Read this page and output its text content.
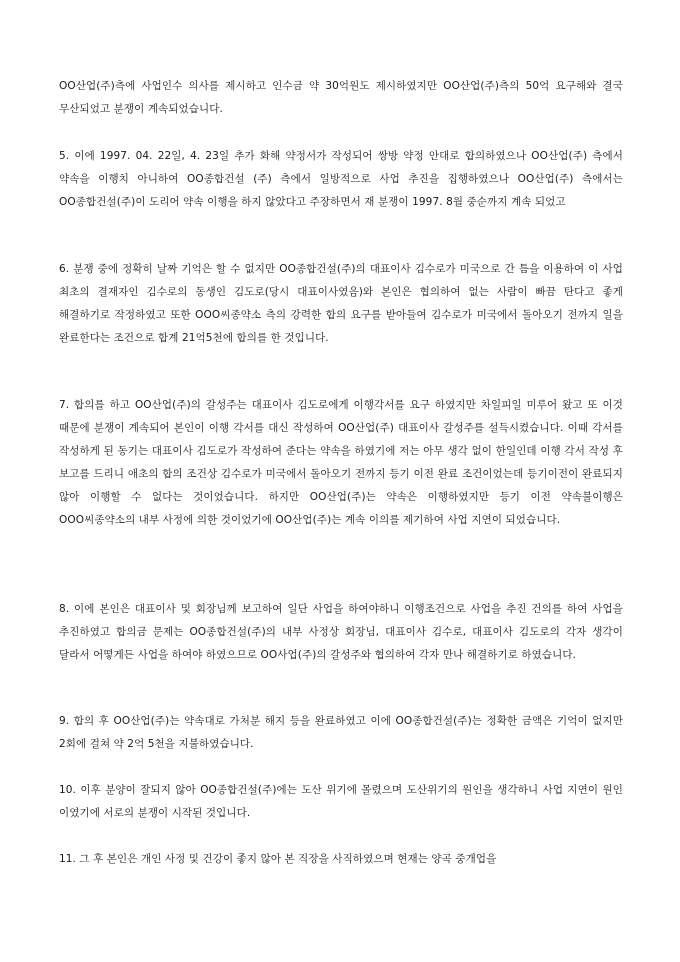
OO산업(주)측에 사업인수 의사를 제시하고 인수금 약 30억원도 제시하였지만 OO산업(주)측의 50억 요구해와 결국 무산되었고 분쟁이 계속되었습니다.

5. 이에 1997. 04. 22일, 4. 23일 추가 화해 약정서가 작성되어 쌍방 약정 안대로 합의하였으나 OO산업(주) 측에서 약속을 이행치 아니하여 OO종합건설 (주) 측에서 일방적으로 사업 추진을 집행하였으나 OO산업(주) 측에서는 OO종합건설(주)이 도리어 약속 이행을 하지 않았다고 주장하면서 재 분쟁이 1997. 8월 중순까지 계속 되었고

6. 분쟁 중에 정확히 날짜 기억은 할 수 없지만 OO종합건설(주)의 대표이사 김수로가 미국으로 간 틈을 이용하여 이 사업 최초의 결재자인 김수로의 동생인 김도로(당시 대표이사였음)와 본인은 협의하여 없는 사람이 빠끔 탄다고 좋게 해결하기로 작정하였고 또한 OOO씨종약소 측의 강력한 합의 요구를 받아들여 김수로가 미국에서 돌아오기 전까지 일을 완료한다는 조건으로 합계 21억5천에 합의를 한 것입니다.

7. 합의를 하고 OO산업(주)의 갈성주는 대표이사 김도로에게 이행각서를 요구 하였지만 차일피일 미루어 왔고 또 이것 때문에 분쟁이 계속되어 본인이 이행 각서를 대신 작성하여 OO산업(주) 대표이사 갈성주를 설득시켰습니다. 이때 각서를 작성하게 된 동기는 대표이사 김도로가 작성하여 준다는 약속을 하였기에 저는 아무 생각 없이 한일인데 이행 각서 작성 후 보고를 드리니 애초의 합의 조건상 김수로가 미국에서 돌아오기 전까지 등기 이전 완료 조건이었는데 등기이전이 완료되지 않아 이행할 수 없다는 것이었습니다. 하지만 OO산업(주)는 약속은 이행하였지만 등기 이전 약속불이행은 OOO씨종약소의 내부 사정에 의한 것이었기에 OO산업(주)는 계속 이의를 제기하여 사업 지연이 되었습니다.

8. 이에 본인은 대표이사 및 회장님께 보고하여 일단 사업을 하여야하니 이행조건으로 사업을 추진 건의를 하여 사업을 추진하였고 합의금 문제는 OO종합건설(주)의 내부 사정상 회장님, 대표이사 김수로, 대표이사 김도로의 각자 생각이 달라서 어떻게든 사업을 하여야 하였으므로 OO사업(주)의 갈성주와 협의하여 각자 만나 해결하기로 하였습니다.

9. 합의 후 OO산업(주)는 약속대로 가처분 해지 등을 완료하였고 이에 OO종합건설(주)는 정확한 금액은 기억이 없지만 2회에 걸쳐 약 2억 5천을 지불하였습니다.

10. 이후 분양이 잘되지 않아 OO종합건설(주)에는 도산 위기에 몰렸으며 도산위기의 원인을 생각하니 사업 지연이 원인 이였기에 서로의 분쟁이 시작된 것입니다.

11. 그 후 본인은 개인 사정 및 건강이 좋지 않아 본 직장을 사직하였으며 현재는 양곡 중개업을
